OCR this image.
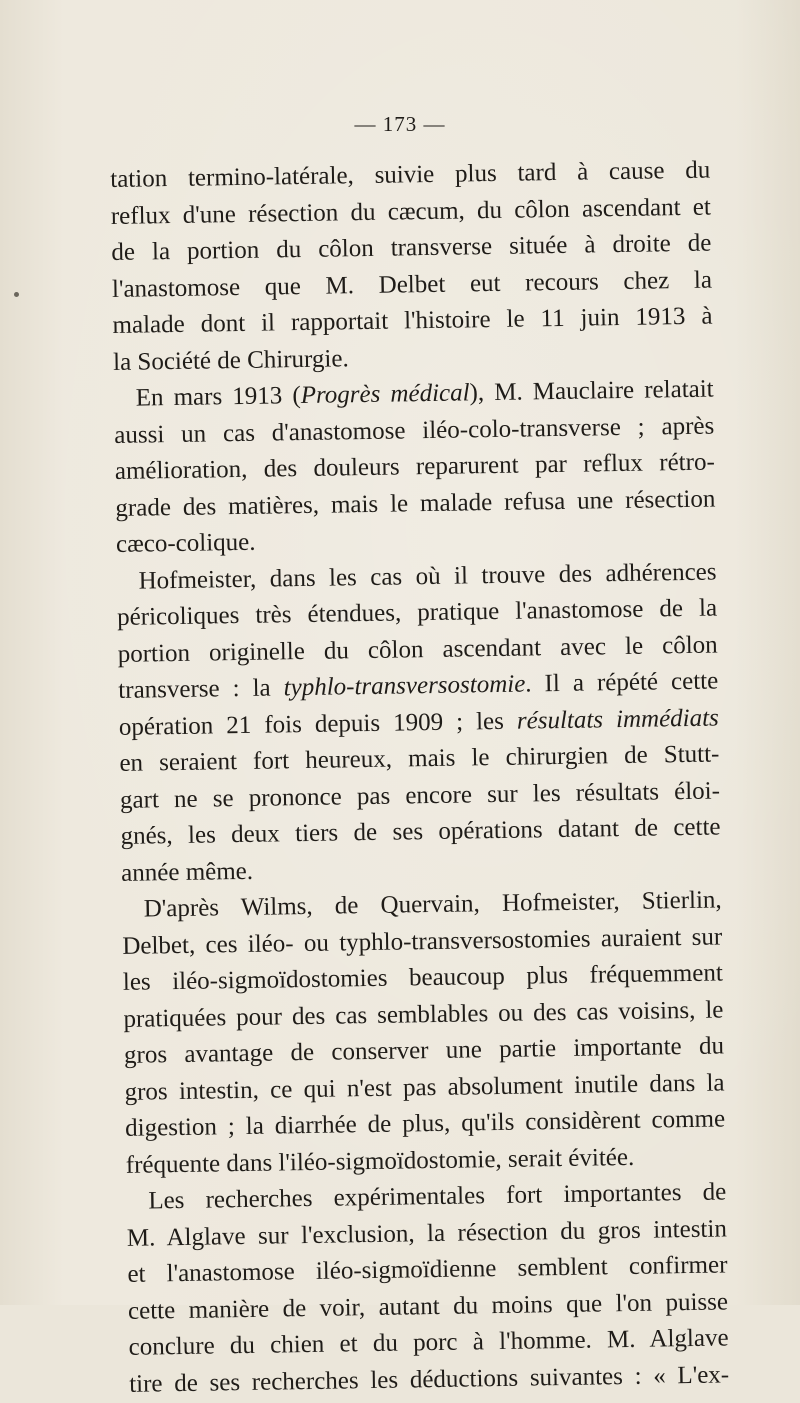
— 173 —
tation termino-latérale, suivie plus tard à cause du
reflux d'une résection du cæcum, du côlon ascendant et
de la portion du côlon transverse située à droite de
l'anastomose que M. Delbet eut recours chez la
malade dont il rapportait l'histoire le 11 juin 1913 à
la Société de Chirurgie.
En mars 1913 (Progrès médical), M. Mauclaire relatait
aussi un cas d'anastomose iléo-colo-transverse ; après
amélioration, des douleurs reparurent par reflux rétro-
grade des matières, mais le malade refusa une résection
cæco-colique.
Hofmeister, dans les cas où il trouve des adhérences
péricoliques très étendues, pratique l'anastomose de la
portion originelle du côlon ascendant avec le côlon
transverse : la typhlo-transversostomie. Il a répété cette
opération 21 fois depuis 1909 ; les résultats immédiats
en seraient fort heureux, mais le chirurgien de Stutt-
gart ne se prononce pas encore sur les résultats éloi-
gnés, les deux tiers de ses opérations datant de cette
année même.
D'après Wilms, de Quervain, Hofmeister, Stierlin,
Delbet, ces iléo- ou typhlo-transversostomies auraient sur
les iléo-sigmoïdostomies beaucoup plus fréquemment
pratiquées pour des cas semblables ou des cas voisins, le
gros avantage de conserver une partie importante du
gros intestin, ce qui n'est pas absolument inutile dans la
digestion ; la diarrhée de plus, qu'ils considèrent comme
fréquente dans l'iléo-sigmoïdostomie, serait évitée.
Les recherches expérimentales fort importantes de
M. Alglave sur l'exclusion, la résection du gros intestin
et l'anastomose iléo-sigmoïdienne semblent confirmer
cette manière de voir, autant du moins que l'on puisse
conclure du chien et du porc à l'homme. M. Alglave
tire de ses recherches les déductions suivantes : « L'ex-
